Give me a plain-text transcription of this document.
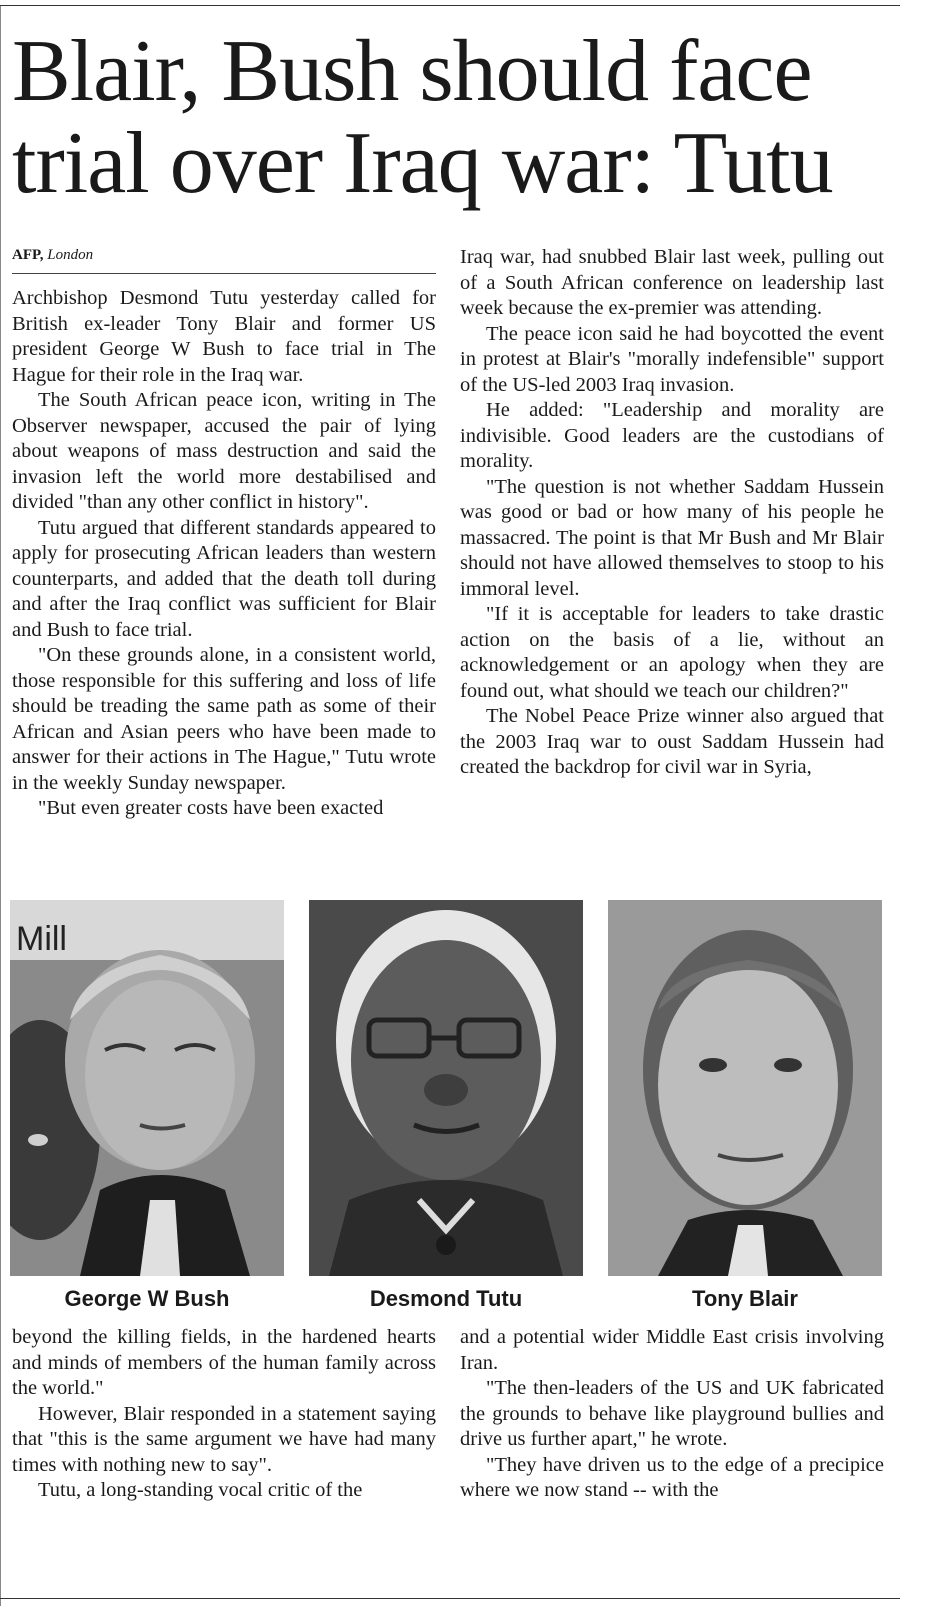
Blair, Bush should face trial over Iraq war: Tutu
AFP, London

Archbishop Desmond Tutu yesterday called for British ex-leader Tony Blair and former US president George W Bush to face trial in The Hague for their role in the Iraq war.

The South African peace icon, writing in The Observer newspaper, accused the pair of lying about weapons of mass destruction and said the invasion left the world more destabilised and divided "than any other conflict in history".

Tutu argued that different standards appeared to apply for prosecuting African leaders than western counterparts, and added that the death toll during and after the Iraq conflict was sufficient for Blair and Bush to face trial.

"On these grounds alone, in a consistent world, those responsible for this suffering and loss of life should be treading the same path as some of their African and Asian peers who have been made to answer for their actions in The Hague," Tutu wrote in the weekly Sunday newspaper.

"But even greater costs have been exacted

Iraq war, had snubbed Blair last week, pulling out of a South African conference on leadership last week because the ex-premier was attending.

The peace icon said he had boycotted the event in protest at Blair's "morally indefensible" support of the US-led 2003 Iraq invasion.

He added: "Leadership and morality are indivisible. Good leaders are the custodians of morality.

"The question is not whether Saddam Hussein was good or bad or how many of his people he massacred. The point is that Mr Bush and Mr Blair should not have allowed themselves to stoop to his immoral level.

"If it is acceptable for leaders to take drastic action on the basis of a lie, without an acknowledgement or an apology when they are found out, what should we teach our children?"

The Nobel Peace Prize winner also argued that the 2003 Iraq war to oust Saddam Hussein had created the backdrop for civil war in Syria,

Mill
George W Bush	Desmond Tutu	Tony Blair

beyond the killing fields, in the hardened hearts and minds of members of the human family across the world."

However, Blair responded in a statement saying that "this is the same argument we have had many times with nothing new to say".

Tutu, a long-standing vocal critic of the

and a potential wider Middle East crisis involving Iran.

"The then-leaders of the US and UK fabricated the grounds to behave like playground bullies and drive us further apart," he wrote.

"They have driven us to the edge of a precipice where we now stand -- with the
